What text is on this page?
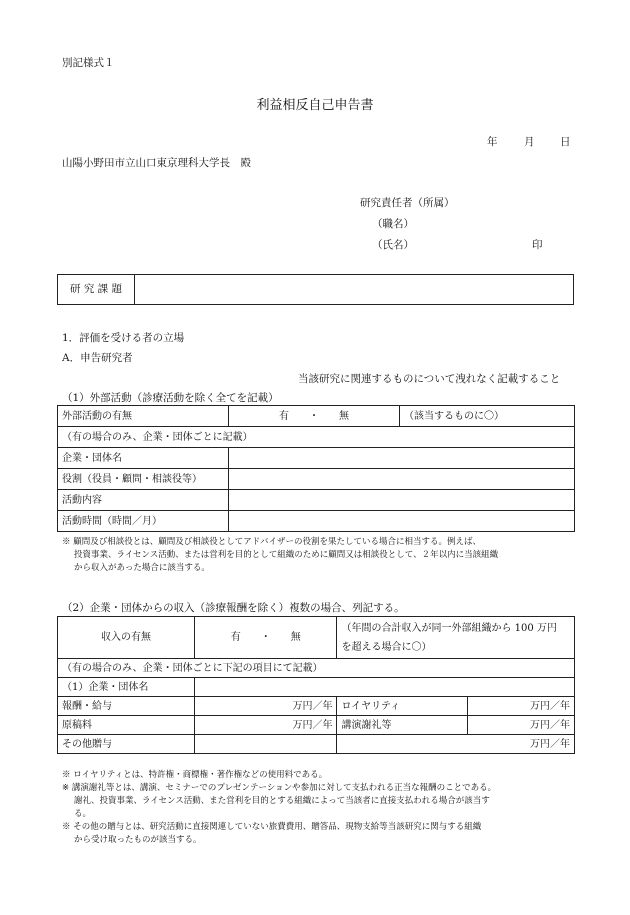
別記様式１
利益相反自己申告書
年	月 日
山陽小野田市立山口東京理科大学長　殿
研究責任者（所属）
（職名）
（氏名）	印
研 究 課 題	
1．評価を受ける者の立場
A．申告研究者
当該研究に関連するものについて洩れなく記載すること
（1）外部活動（診療活動を除く全てを記載）
外部活動の有無	有　　・　　無	（該当するものに〇）
（有の場合のみ、企業・団体ごとに記載）		
企業・団体名		
役割（役員・顧問・相談役等）		
活動内容		
活動時間（時間／月）		
※ 顧問及び相談役とは、顧問及び相談役としてアドバイザーの役割を果たしている場合に相当する。例えば、
投資事業、ライセンス活動、または営利を目的として組織のために顧問又は相談役として、２年以内に当該組織
から収入があった場合に該当する。
（2）企業・団体からの収入（診療報酬を除く）複数の場合、列記する。
収入の有無	有　　・　　無	（年間の合計収入が同一外部組織から 100 万円
を超える場合に〇）	
（有の場合のみ、企業・団体ごとに下記の項目にて記載）			
（1）企業・団体名			
報酬・給与	万円／年	ロイヤリティ	万円／年
原稿料	万円／年	講演謝礼等	万円／年
その他贈与		万円／年	
※ ロイヤリティとは、特許権・商標権・著作権などの使用料である。
※ 講演謝礼等とは、講演、セミナーでのプレゼンテーションや参加に対して支払われる正当な報酬のことである。
謝礼、投資事業、ライセンス活動、また営利を目的とする組織によって当該者に直接支払われる場合が該当す
る。
※ その他の贈与とは、研究活動に直接関連していない旅費費用、贈答品、現物支給等当該研究に関与する組織
から受け取ったものが該当する。
